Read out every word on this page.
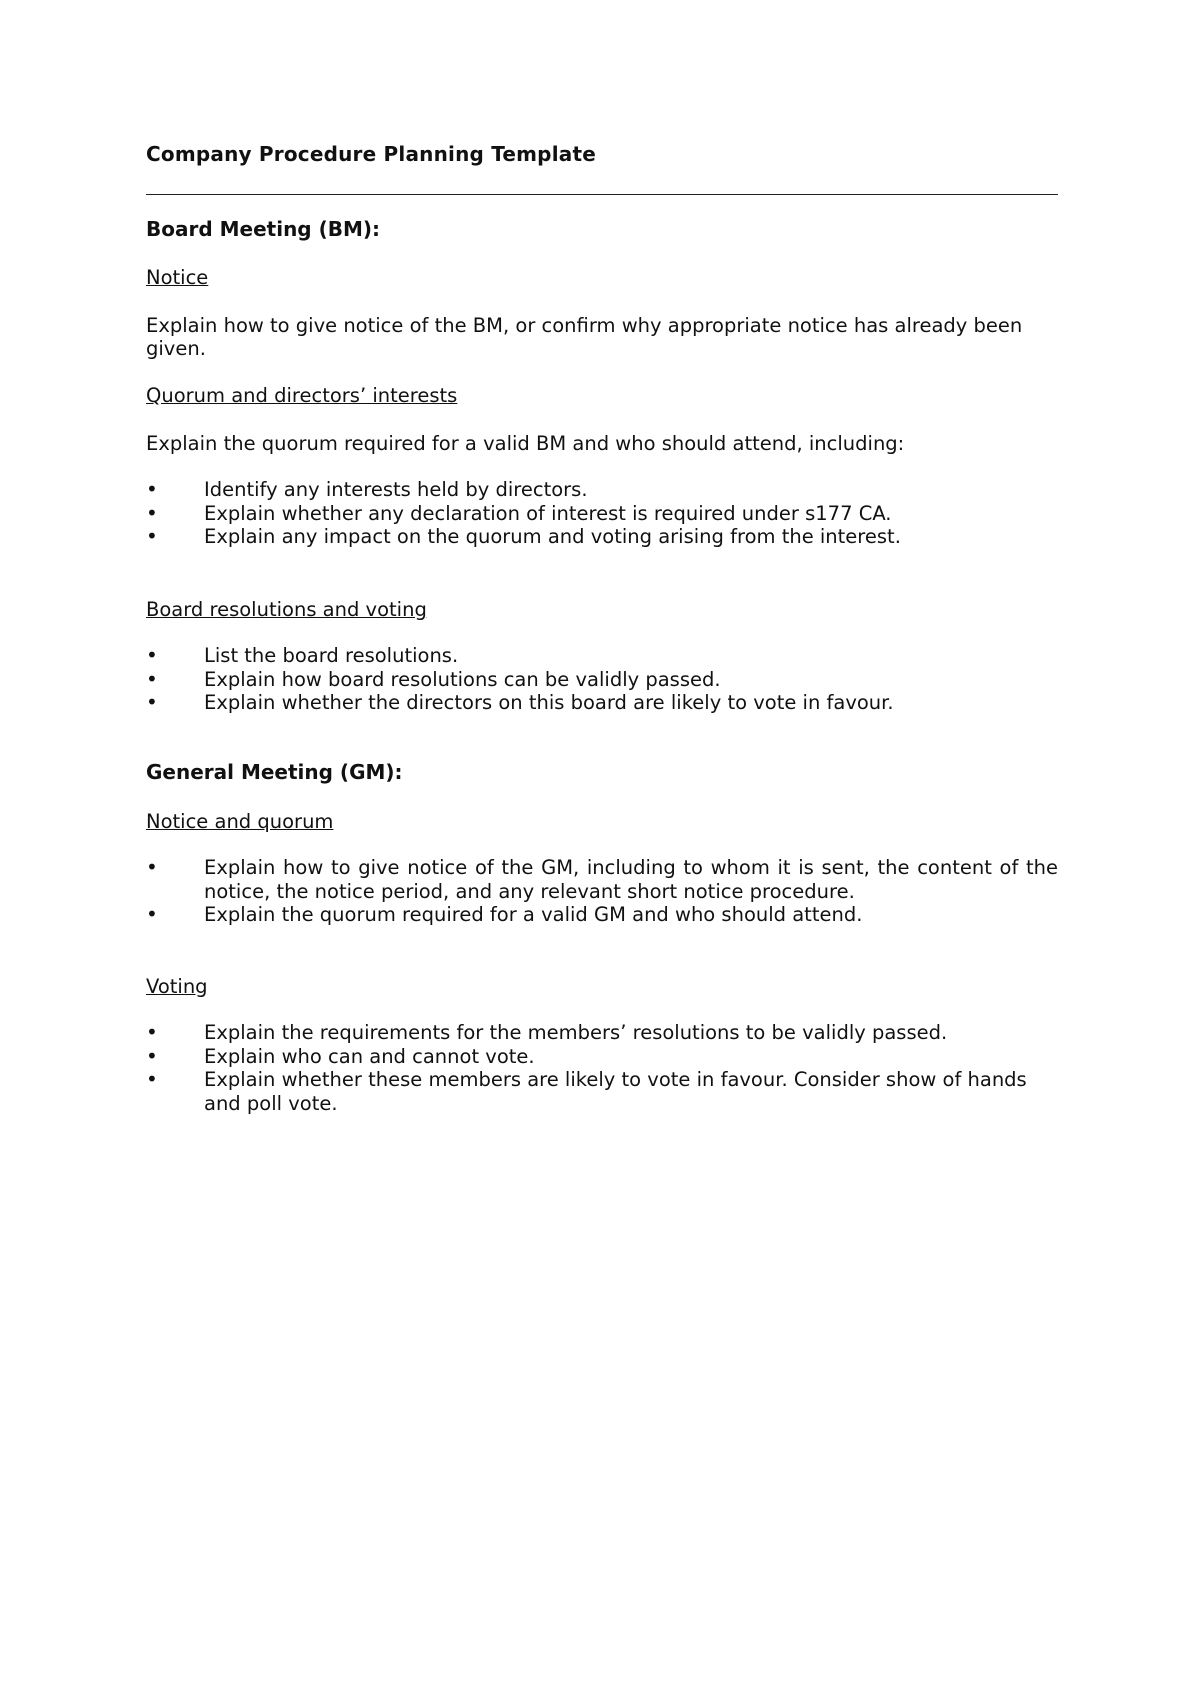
Company Procedure Planning Template
Board Meeting (BM):
Notice

Explain how to give notice of the BM, or confirm why appropriate notice has already been given.

Quorum and directors’ interests

Explain the quorum required for a valid BM and who should attend, including:

• Identify any interests held by directors.
• Explain whether any declaration of interest is required under s177 CA.
• Explain any impact on the quorum and voting arising from the interest.
Board resolutions and voting
• List the board resolutions.
• Explain how board resolutions can be validly passed.
• Explain whether the directors on this board are likely to vote in favour.
General Meeting (GM):
Notice and quorum
• Explain how to give notice of the GM, including to whom it is sent, the content of the notice, the notice period, and any relevant short notice procedure.
• Explain the quorum required for a valid GM and who should attend.
Voting
• Explain the requirements for the members’ resolutions to be validly passed.
• Explain who can and cannot vote.
• Explain whether these members are likely to vote in favour. Consider show of hands and poll vote.
